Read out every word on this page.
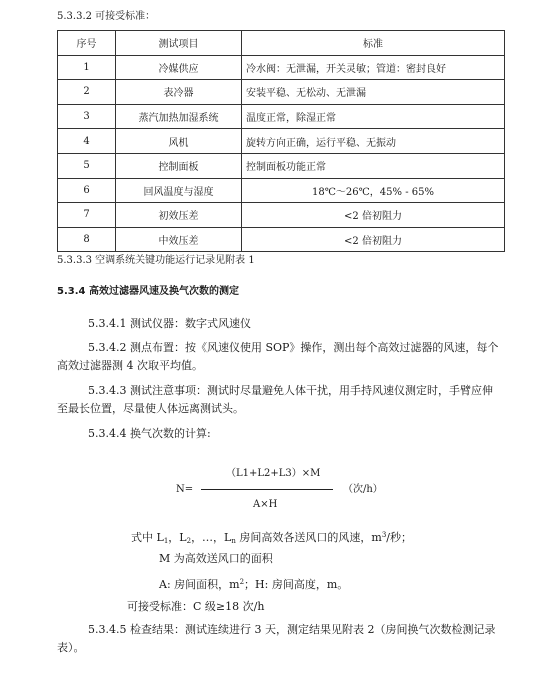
5.3.3.2 可接受标准：
序号	测试项目	标准
1	冷媒供应	冷水阀：无泄漏，开关灵敏；管道：密封良好
2	表冷器	安装平稳、无松动、无泄漏
3	蒸汽加热加湿系统	温度正常，除湿正常
4	风机	旋转方向正确，运行平稳、无振动
5	控制面板	控制面板功能正常
6	回风温度与湿度	18℃～26℃，45% - 65%
7	初效压差	<2 倍初阻力
8	中效压差	<2 倍初阻力
5.3.3.3 空调系统关键功能运行记录见附表 1
5.3.4 高效过滤器风速及换气次数的测定
5.3.4.1 测试仪器：数字式风速仪
5.3.4.2 测点布置：按《风速仪使用 SOP》操作，测出每个高效过滤器的风速，每个
高效过滤器测 4 次取平均值。
5.3.4.3 测试注意事项：测试时尽量避免人体干扰，用手持风速仪测定时，手臂应伸
至最长位置，尽量使人体远离测试头。
5.3.4.4 换气次数的计算:
（L1+L2+L3）×M
N=	（次/h）
A×H
式中 $L_1$，$L_2$，…，$L_n$ 房间高效各送风口的风速，$m^3/$秒；
M 为高效送风口的面积
A: 房间面积，$m^2$；H: 房间高度，m。
可接受标准：C 级≥18 次/h
5.3.4.5 检查结果：测试连续进行 3 天，测定结果见附表 2（房间换气次数检测记录
表）。
